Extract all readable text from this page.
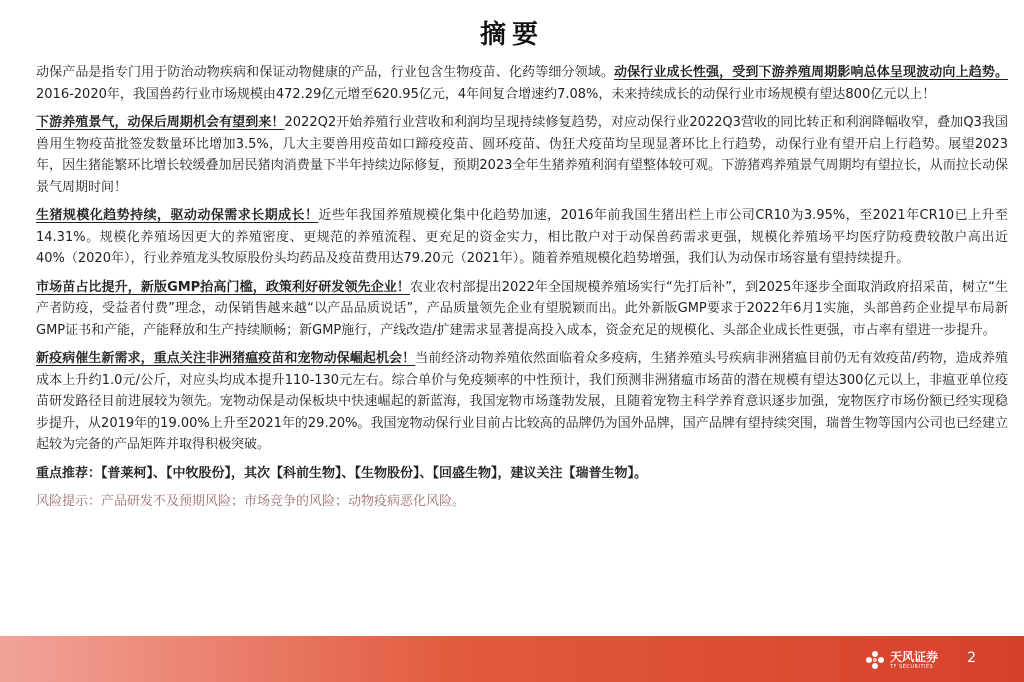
摘要

动保产品是指专门用于防治动物疾病和保证动物健康的产品，行业包含生物疫苗、化药等细分领域。动保行业成长性强，受到下游养殖周期影响总体呈现波动向上趋势。2016-2020年，我国兽药行业市场规模由472.29亿元增至620.95亿元，4年间复合增速约7.08%，未来持续成长的动保行业市场规模有望达800亿元以上！

下游养殖景气，动保后周期机会有望到来！2022Q2开始养殖行业营收和利润均呈现持续修复趋势，对应动保行业2022Q3营收的同比转正和利润降幅收窄，叠加Q3我国兽用生物疫苗批签发数量环比增加3.5%，几大主要兽用疫苗如口蹄疫疫苗、圆环疫苗、伪狂犬疫苗均呈现显著环比上行趋势，动保行业有望开启上行趋势。展望2023年，因生猪能繁环比增长较缓叠加居民猪肉消费量下半年持续边际修复，预期2023全年生猪养殖利润有望整体较可观。下游猪鸡养殖景气周期均有望拉长，从而拉长动保景气周期时间！

生猪规模化趋势持续，驱动动保需求长期成长！近些年我国养殖规模化集中化趋势加速，2016年前我国生猪出栏上市公司CR10为3.95%，至2021年CR10已上升至14.31%。规模化养殖场因更大的养殖密度、更规范的养殖流程、更充足的资金实力，相比散户对于动保兽药需求更强，规模化养殖场平均医疗防疫费较散户高出近40%（2020年），行业养殖龙头牧原股份头均药品及疫苗费用达79.20元（2021年）。随着养殖规模化趋势增强，我们认为动保市场容量有望持续提升。

市场苗占比提升，新版GMP抬高门槛，政策利好研发领先企业！农业农村部提出2022年全国规模养殖场实行“先打后补”，到2025年逐步全面取消政府招采苗，树立“生产者防疫，受益者付费”理念，动保销售越来越“以产品品质说话”，产品质量领先企业有望脱颖而出。此外新版GMP要求于2022年6月1实施，头部兽药企业提早布局新GMP证书和产能，产能释放和生产持续顺畅；新GMP施行，产线改造/扩建需求显著提高投入成本，资金充足的规模化、头部企业成长性更强，市占率有望进一步提升。

新疫病催生新需求，重点关注非洲猪瘟疫苗和宠物动保崛起机会！当前经济动物养殖依然面临着众多疫病，生猪养殖头号疾病非洲猪瘟目前仍无有效疫苗/药物，造成养殖成本上升约1.0元/公斤，对应头均成本提升110-130元左右。综合单价与免疫频率的中性预计，我们预测非洲猪瘟市场苗的潜在规模有望达300亿元以上，非瘟亚单位疫苗研发路径目前进展较为领先。宠物动保是动保板块中快速崛起的新蓝海，我国宠物市场蓬勃发展，且随着宠物主科学养育意识逐步加强，宠物医疗市场份额已经实现稳步提升，从2019年的19.00%上升至2021年的29.20%。我国宠物动保行业目前占比较高的品牌仍为国外品牌，国产品牌有望持续突围，瑞普生物等国内公司也已经建立起较为完备的产品矩阵并取得积极突破。

重点推荐：【普莱柯】、【中牧股份】，其次【科前生物】、【生物股份】、【回盛生物】，建议关注【瑞普生物】。

风险提示：产品研发不及预期风险；市场竞争的风险；动物疫病恶化风险。

天风证券
TF SECURITIES
2
